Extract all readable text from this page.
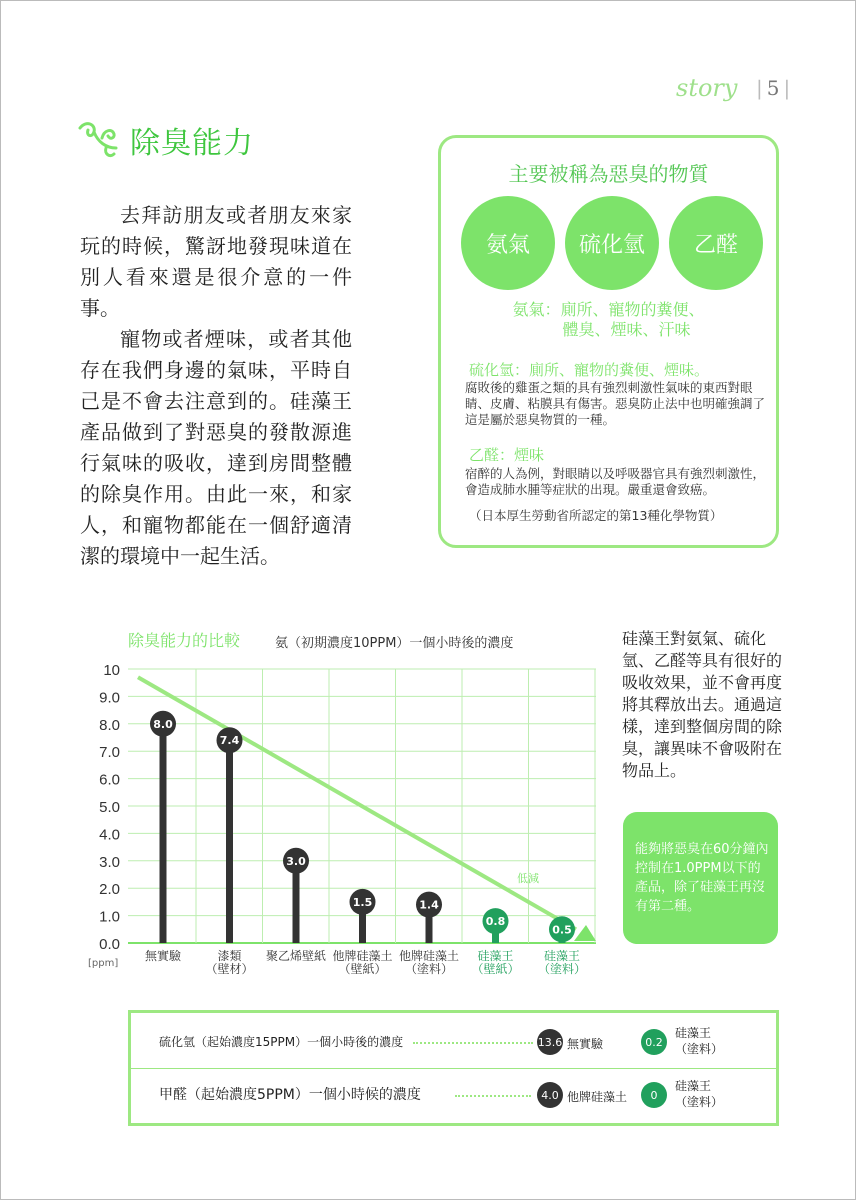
story | 5 |
除臭能力

去拜訪朋友或者朋友來家玩的時候，驚訝地發現味道在別人看來還是很介意的一件事。

寵物或者煙味，或者其他存在我們身邊的氣味，平時自己是不會去注意到的。硅藻王產品做到了對惡臭的發散源進行氣味的吸收，達到房間整體的除臭作用。由此一來，和家人，和寵物都能在一個舒適清潔的環境中一起生活。

主要被稱為惡臭的物質
氨氣	硫化氫	乙醛
氨氣：廁所、寵物的糞便、
體臭、煙味、汗味
硫化氫：廁所、寵物的糞便、煙味。
腐敗後的雞蛋之類的具有強烈刺激性氣味的東西對眼睛、皮膚、粘膜具有傷害。惡臭防止法中也明確強調了這是屬於惡臭物質的一種。
乙醛：煙味
宿醉的人為例，對眼睛以及呼吸器官具有強烈刺激性，會造成肺水腫等症狀的出現。嚴重還會致癌。
（日本厚生勞動省所認定的第13種化學物質）
除臭能力的比較	氨（初期濃度10PPM）一個小時後的濃度
10
9.0
8.0
7.0
6.0
5.0
4.0
3.0
2.0
1.0
0.0
[ppm]
低減
8.0
無實驗
7.4
漆類
（壁材）
3.0
聚乙烯壁紙
1.5
他牌硅藻土
（壁紙）
1.4
他牌硅藻土
（塗料）
0.8
硅藻王
（壁紙）
0.5
硅藻王
（塗料）
硅藻王對氨氣、硫化氫、乙醛等具有很好的吸收效果，並不會再度將其釋放出去。通過這樣，達到整個房間的除臭，讓異味不會吸附在物品上。
能夠將惡臭在60分鐘內控制在1.0PPM以下的產品，除了硅藻王再沒有第二種。
硫化氫（起始濃度15PPM）一個小時後的濃度	13.6 無實驗	0.2
硅藻王
（塗料）
甲醛（起始濃度5PPM）一個小時候的濃度	4.0 他牌硅藻土	0
硅藻王
（塗料）
